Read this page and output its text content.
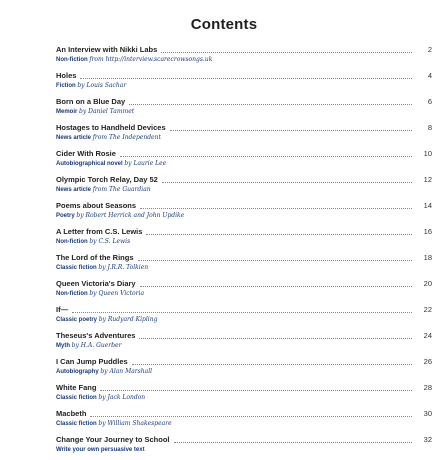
Contents
An Interview with Nikki Labs	2
Non-fiction from http://interview.scarecrowsongs.uk
Holes	4
Fiction by Louis Sachar
Born on a Blue Day	6
Memoir by Daniel Tammet
Hostages to Handheld Devices	8
News article from The Independent
Cider With Rosie	10
Autobiographical novel by Laurie Lee
Olympic Torch Relay, Day 52	12
News article from The Guardian
Poems about Seasons	14
Poetry by Robert Herrick and John Updike
A Letter from C.S. Lewis	16
Non-fiction by C.S. Lewis
The Lord of the Rings	18
Classic fiction by J.R.R. Tolkien
Queen Victoria's Diary	20
Non-fiction by Queen Victoria
If—	22
Classic poetry by Rudyard Kipling
Theseus's Adventures	24
Myth by H.A. Guerber
I Can Jump Puddles	26
Autobiography by Alan Marshall
White Fang	28
Classic fiction by Jack London
Macbeth	30
Classic fiction by William Shakespeare
Change Your Journey to School	32
Write your own persuasive text
